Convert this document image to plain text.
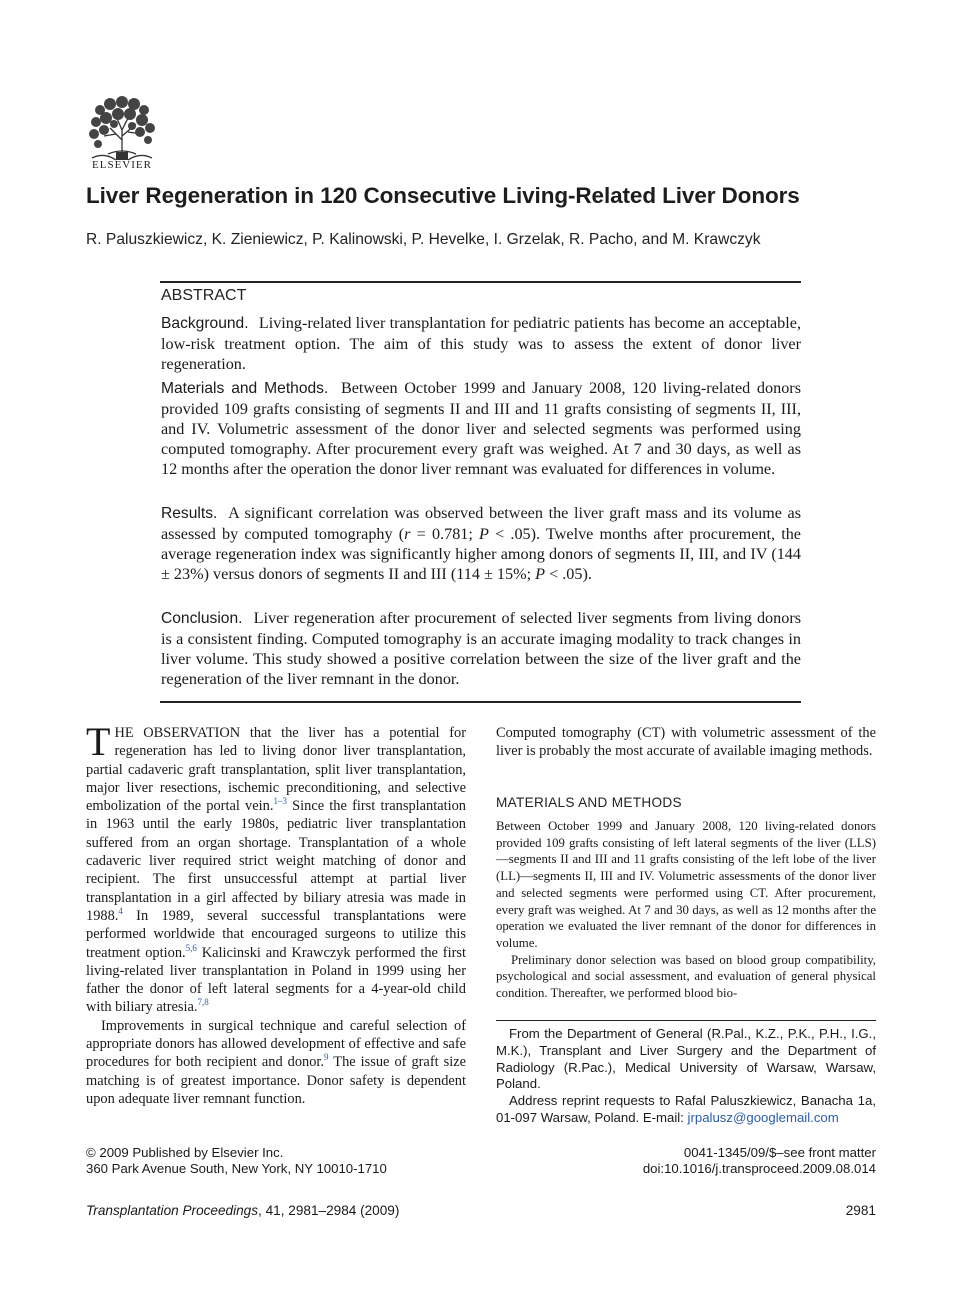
ELSEVIER
Liver Regeneration in 120 Consecutive Living-Related Liver Donors
R. Paluszkiewicz, K. Zieniewicz, P. Kalinowski, P. Hevelke, I. Grzelak, R. Pacho, and M. Krawczyk
ABSTRACT
Background. Living-related liver transplantation for pediatric patients has become an acceptable, low-risk treatment option. The aim of this study was to assess the extent of donor liver regeneration.
Materials and Methods. Between October 1999 and January 2008, 120 living-related donors provided 109 grafts consisting of segments II and III and 11 grafts consisting of segments II, III, and IV. Volumetric assessment of the donor liver and selected segments was performed using computed tomography. After procurement every graft was weighed. At 7 and 30 days, as well as 12 months after the operation the donor liver remnant was evaluated for differences in volume.
Results. A significant correlation was observed between the liver graft mass and its volume as assessed by computed tomography (r = 0.781; P < .05). Twelve months after procurement, the average regeneration index was significantly higher among donors of segments II, III, and IV (144 ± 23%) versus donors of segments II and III (114 ± 15%; P < .05).
Conclusion. Liver regeneration after procurement of selected liver segments from living donors is a consistent finding. Computed tomography is an accurate imaging modality to track changes in liver volume. This study showed a positive correlation between the size of the liver graft and the regeneration of the liver remnant in the donor.

THE OBSERVATION that the liver has a potential for regeneration has led to living donor liver transplantation, partial cadaveric graft transplantation, split liver transplantation, major liver resections, ischemic preconditioning, and selective embolization of the portal vein.$^{1-3}$ Since the first transplantation in 1963 until the early 1980s, pediatric liver transplantation suffered from an organ shortage. Transplantation of a whole cadaveric liver required strict weight matching of donor and recipient. The first unsuccessful attempt at partial liver transplantation in a girl affected by biliary atresia was made in 1988.$^4$ In 1989, several successful transplantations were performed worldwide that encouraged surgeons to utilize this treatment option.$^{5,6}$ Kalicinski and Krawczyk performed the first living-related liver transplantation in Poland in 1999 using her father the donor of left lateral segments for a 4-year-old child with biliary atresia.$^{7,8}$

Improvements in surgical technique and careful selection of appropriate donors has allowed development of effective and safe procedures for both recipient and donor.$^9$ The issue of graft size matching is of greatest importance. Donor safety is dependent upon adequate liver remnant function.

Computed tomography (CT) with volumetric assessment of the liver is probably the most accurate of available imaging methods.
MATERIALS AND METHODS

Between October 1999 and January 2008, 120 living-related donors provided 109 grafts consisting of left lateral segments of the liver (LLS)—segments II and III and 11 grafts consisting of the left lobe of the liver (LL)—segments II, III and IV. Volumetric assessments of the donor liver and selected segments were performed using CT. After procurement, every graft was weighed. At 7 and 30 days, as well as 12 months after the operation we evaluated the liver remnant of the donor for differences in volume.

Preliminary donor selection was based on blood group compatibility, psychological and social assessment, and evaluation of general physical condition. Thereafter, we performed blood bio-

From the Department of General (R.Pal., K.Z., P.K., P.H., I.G., M.K.), Transplant and Liver Surgery and the Department of Radiology (R.Pac.), Medical University of Warsaw, Warsaw, Poland.

Address reprint requests to Rafal Paluszkiewicz, Banacha 1a, 01-097 Warsaw, Poland. E-mail: jrpalusz@googlemail.com

© 2009 Published by Elsevier Inc.
360 Park Avenue South, New York, NY 10010-1710
0041-1345/09/$–see front matter
doi:10.1016/j.transproceed.2009.08.014
Transplantation Proceedings, 41, 2981–2984 (2009)	2981
